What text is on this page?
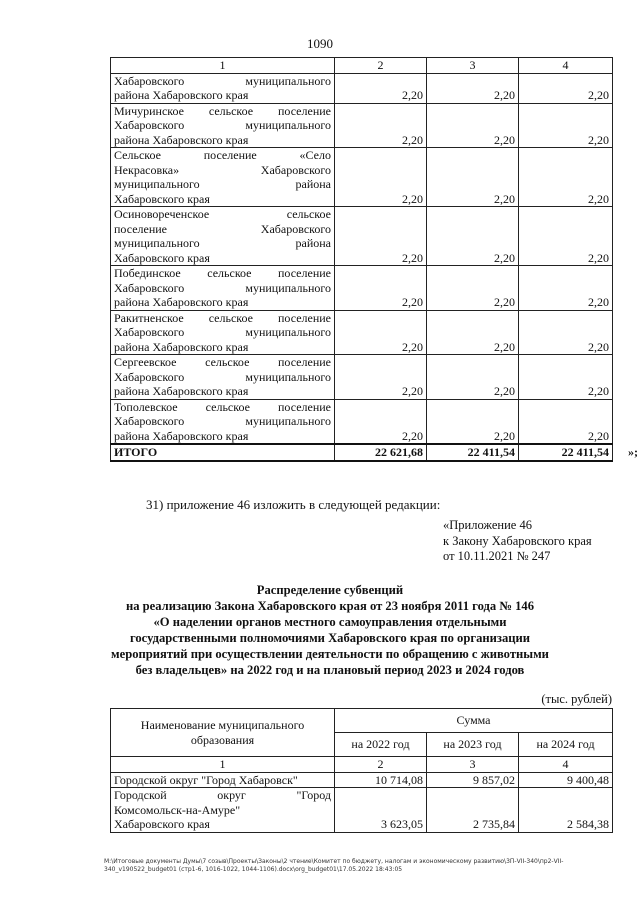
1090
1	2	3	4

Хабаровского муниципального
района Хабаровского края	2,20	2,20	2,20

Мичуринское сельское поселение
Хабаровского муниципального
района Хабаровского края	2,20	2,20	2,20

Сельское поселение «Село
Некрасовка» Хабаровского
муниципального района
Хабаровского края	2,20	2,20	2,20

Осиновореченское сельское
поселение Хабаровского
муниципального района
Хабаровского края	2,20	2,20	2,20

Побединское сельское поселение
Хабаровского муниципального
района Хабаровского края	2,20	2,20	2,20

Ракитненское сельское поселение
Хабаровского муниципального
района Хабаровского края	2,20	2,20	2,20

Сергеевское сельское поселение
Хабаровского муниципального
района Хабаровского края	2,20	2,20	2,20

Тополевское сельское поселение
Хабаровского муниципального
района Хабаровского края	2,20	2,20	2,20
ИТОГО	22 621,68	22 411,54	22 411,54 »;
31) приложение 46 изложить в следующей редакции:
«Приложение 46
к Закону Хабаровского края
от 10.11.2021 № 247
Распределение субвенций
на реализацию Закона Хабаровского края от 23 ноября 2011 года № 146
«О наделении органов местного самоуправления отдельными
государственными полномочиями Хабаровского края по организации
мероприятий при осуществлении деятельности по обращению с животными
без владельцев» на 2022 год и на плановый период 2023 и 2024 годов
(тыс. рублей)
Наименование муниципального образования	Сумма		
	на 2022 год	на 2023 год	на 2024 год
1	2	3	4

Городской округ "Город Хабаровск"	10 714,08	9 857,02	9 400,48

Городской округ "Город
Комсомольск-на-Амуре"
Хабаровского края	3 623,05	2 735,84	2 584,38
M:\Итоговые документы Думы\7 созыв\Проекты\Законы\2 чтение\Комитет по бюджету, налогам и экономическому развитию\3П-VII-340\пр2-VII-
340_v190522_budget01 (стр1-6, 1016-1022, 1044-1106).docx\org_budget01\17.05.2022 18:43:05
